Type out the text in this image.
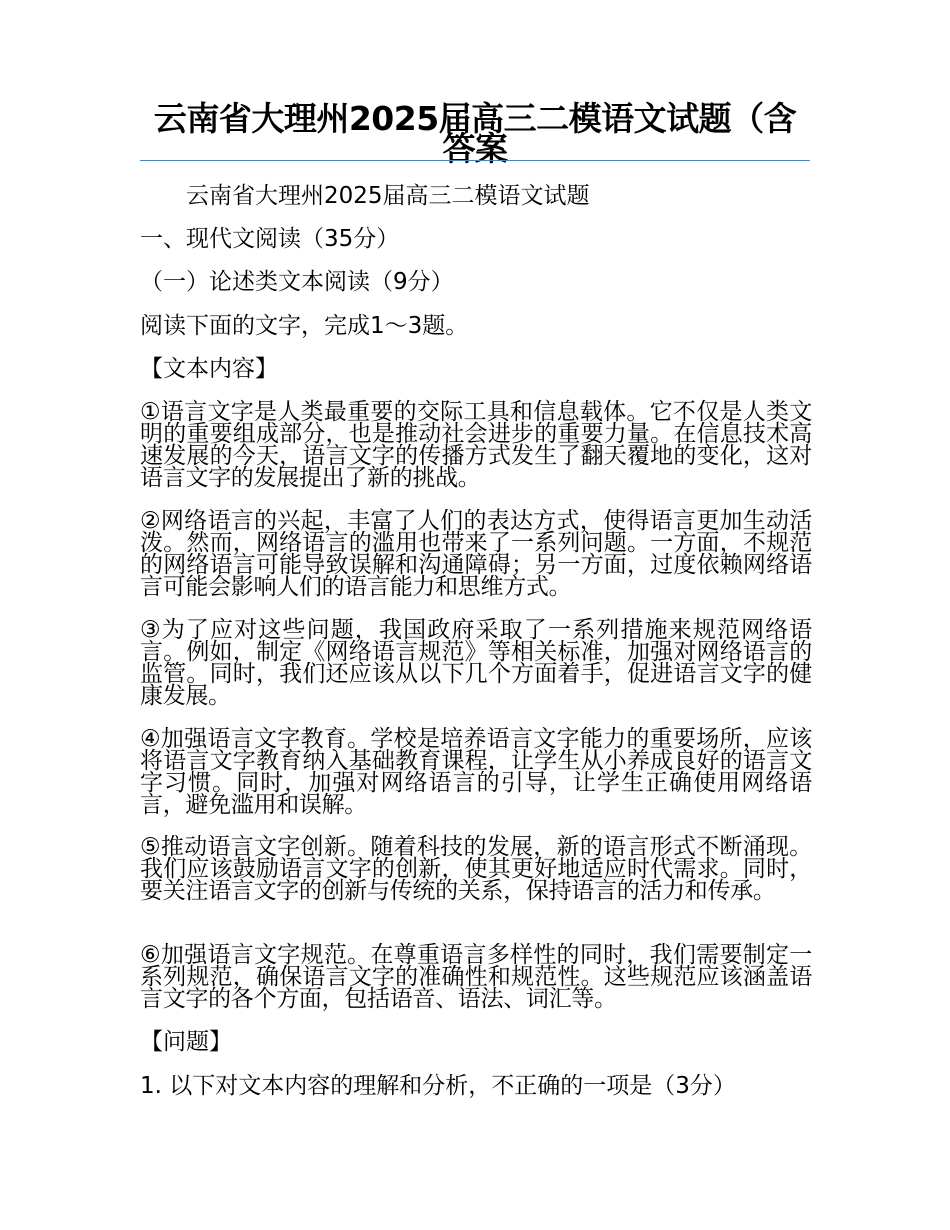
云南省大理州2025届高三二模语文试题（含答案
云南省大理州2025届高三二模语文试题
一、现代文阅读（35分）
（一）论述类文本阅读（9分）
阅读下面的文字，完成1～3题。
【文本内容】
①语言文字是人类最重要的交际工具和信息载体。它不仅是人类文明的重要组成部分，也是推动社会进步的重要力量。在信息技术高速发展的今天，语言文字的传播方式发生了翻天覆地的变化，这对语言文字的发展提出了新的挑战。
②网络语言的兴起，丰富了人们的表达方式，使得语言更加生动活泼。然而，网络语言的滥用也带来了一系列问题。一方面，不规范的网络语言可能导致误解和沟通障碍；另一方面，过度依赖网络语言可能会影响人们的语言能力和思维方式。
③为了应对这些问题，我国政府采取了一系列措施来规范网络语言。例如，制定《网络语言规范》等相关标准，加强对网络语言的监管。同时，我们还应该从以下几个方面着手，促进语言文字的健康发展。
④加强语言文字教育。学校是培养语言文字能力的重要场所，应该将语言文字教育纳入基础教育课程，让学生从小养成良好的语言文字习惯。同时，加强对网络语言的引导，让学生正确使用网络语言，避免滥用和误解。
⑤推动语言文字创新。随着科技的发展，新的语言形式不断涌现。我们应该鼓励语言文字的创新，使其更好地适应时代需求。同时，要关注语言文字的创新与传统的关系，保持语言的活力和传承。
⑥加强语言文字规范。在尊重语言多样性的同时，我们需要制定一系列规范，确保语言文字的准确性和规范性。这些规范应该涵盖语言文字的各个方面，包括语音、语法、词汇等。
【问题】
1. 以下对文本内容的理解和分析，不正确的一项是（3分）
